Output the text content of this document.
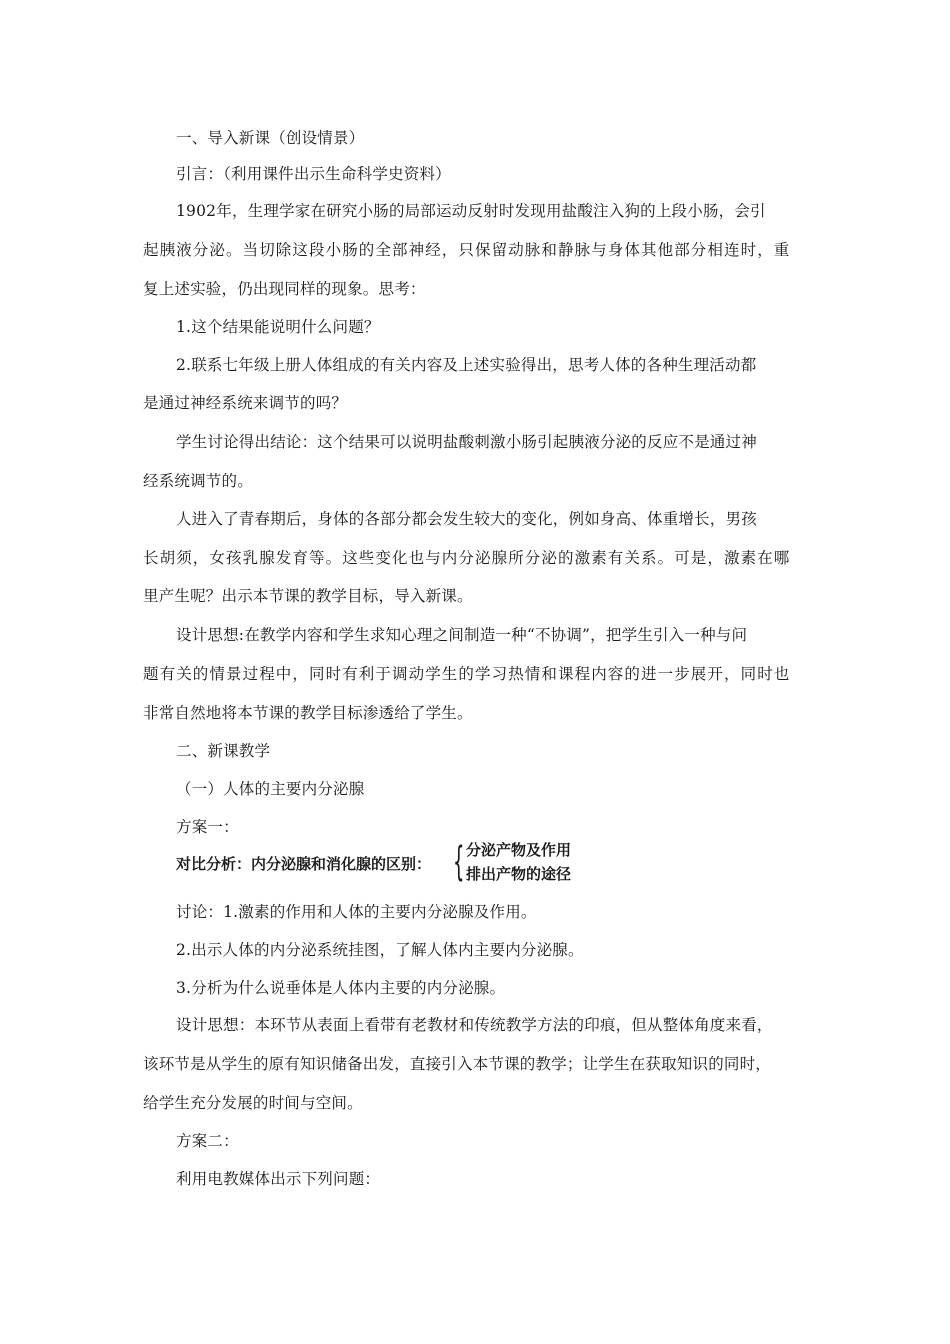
一、导入新课（创设情景）
引言：（利用课件出示生命科学史资料）
1902年，生理学家在研究小肠的局部运动反射时发现用盐酸注入狗的上段小肠，会引
起胰液分泌。当切除这段小肠的全部神经，只保留动脉和静脉与身体其他部分相连时，重
复上述实验，仍出现同样的现象。思考：
1.这个结果能说明什么问题？
2.联系七年级上册人体组成的有关内容及上述实验得出，思考人体的各种生理活动都
是通过神经系统来调节的吗？
学生讨论得出结论：这个结果可以说明盐酸刺激小肠引起胰液分泌的反应不是通过神
经系统调节的。
人进入了青春期后，身体的各部分都会发生较大的变化，例如身高、体重增长，男孩
长胡须，女孩乳腺发育等。这些变化也与内分泌腺所分泌的激素有关系。可是，激素在哪
里产生呢？出示本节课的教学目标，导入新课。
设计思想:在教学内容和学生求知心理之间制造一种“不协调”，把学生引入一种与问
题有关的情景过程中，同时有利于调动学生的学习热情和课程内容的进一步展开，同时也
非常自然地将本节课的教学目标渗透给了学生。
二、新课教学
（一）人体的主要内分泌腺
方案一：
对比分析：内分泌腺和消化腺的区别： { 分泌产物及作用
排出产物的途径
讨论：1.激素的作用和人体的主要内分泌腺及作用。
2.出示人体的内分泌系统挂图，了解人体内主要内分泌腺。
3.分析为什么说垂体是人体内主要的内分泌腺。
设计思想：本环节从表面上看带有老教材和传统教学方法的印痕，但从整体角度来看，
该环节是从学生的原有知识储备出发，直接引入本节课的教学；让学生在获取知识的同时，
给学生充分发展的时间与空间。
方案二：
利用电教媒体出示下列问题：
